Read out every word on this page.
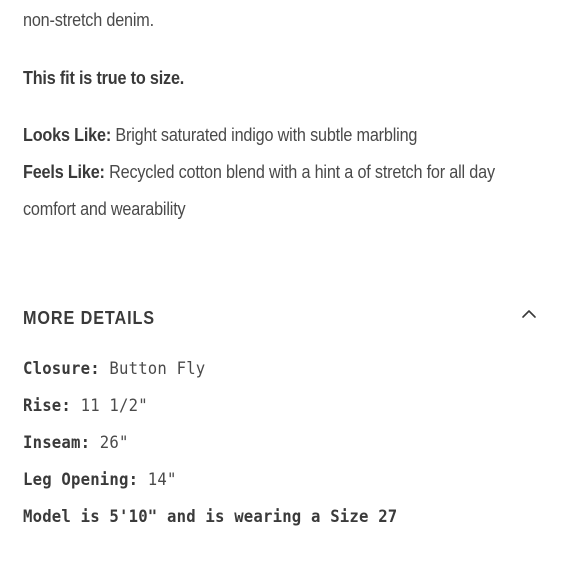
non-stretch denim.
This fit is true to size.
Looks Like: Bright saturated indigo with subtle marbling
Feels Like: Recycled cotton blend with a hint a of stretch for all day
comfort and wearability
MORE DETAILS
Closure: Button Fly
Rise: 11 1/2"
Inseam: 26"
Leg Opening: 14"
Model is 5'10" and is wearing a Size 27
